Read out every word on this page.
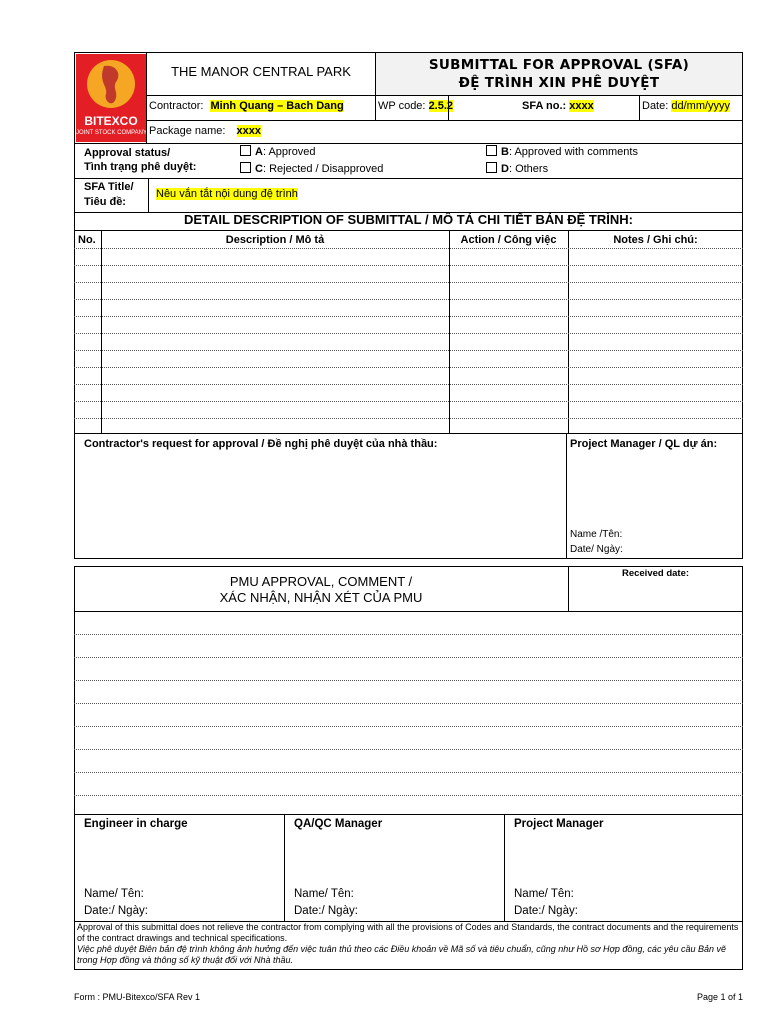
BITEXCO
JOINT STOCK COMPANY
THE MANOR CENTRAL PARK	SUBMITTAL FOR APPROVAL (SFA)
ĐỆ TRÌNH XIN PHÊ DUYỆT
Contractor: Minh Quang – Bach Dang	WP code: 2.5.2	SFA no.: xxxx	Date: dd/mm/yyyy
Package name: xxxx
Approval status/
Tình trạng phê duyệt:
A: Approved
C: Rejected / Disapproved
B: Approved with comments
D: Others
SFA Title/
Tiêu đề:
Nêu vắn tắt nội dung đệ trình
DETAIL DESCRIPTION OF SUBMITTAL / MÔ TẢ CHI TIẾT BẢN ĐỆ TRÌNH:
No.	Description / Mô tả	Action / Công việc	Notes / Ghi chú:
Contractor's request for approval / Đề nghị phê duyệt của nhà thầu:	Project Manager / QL dự án:
Name /Tên:
Date/ Ngày:
PMU APPROVAL, COMMENT /
XÁC NHẬN, NHẬN XÉT CỦA PMU
Received date:
Engineer in charge
Name/ Tên:
Date:/ Ngày:
QA/QC Manager
Name/ Tên:
Date:/ Ngày:
Project Manager
Name/ Tên:
Date:/ Ngày:
Approval of this submittal does not relieve the contractor from complying with all the provisions of Codes and Standards, the contract documents and the requirements of the contract drawings and technical specifications.
Việc phê duyệt Biên bản đệ trình không ảnh hưởng đến việc tuân thủ theo các Điều khoản về Mã số và tiêu chuẩn, cũng như Hồ sơ Hợp đồng, các yêu cầu Bản vẽ trong Hợp đồng và thông số kỹ thuật đối với Nhà thầu.
Form : PMU-Bitexco/SFA Rev 1	Page 1 of 1
